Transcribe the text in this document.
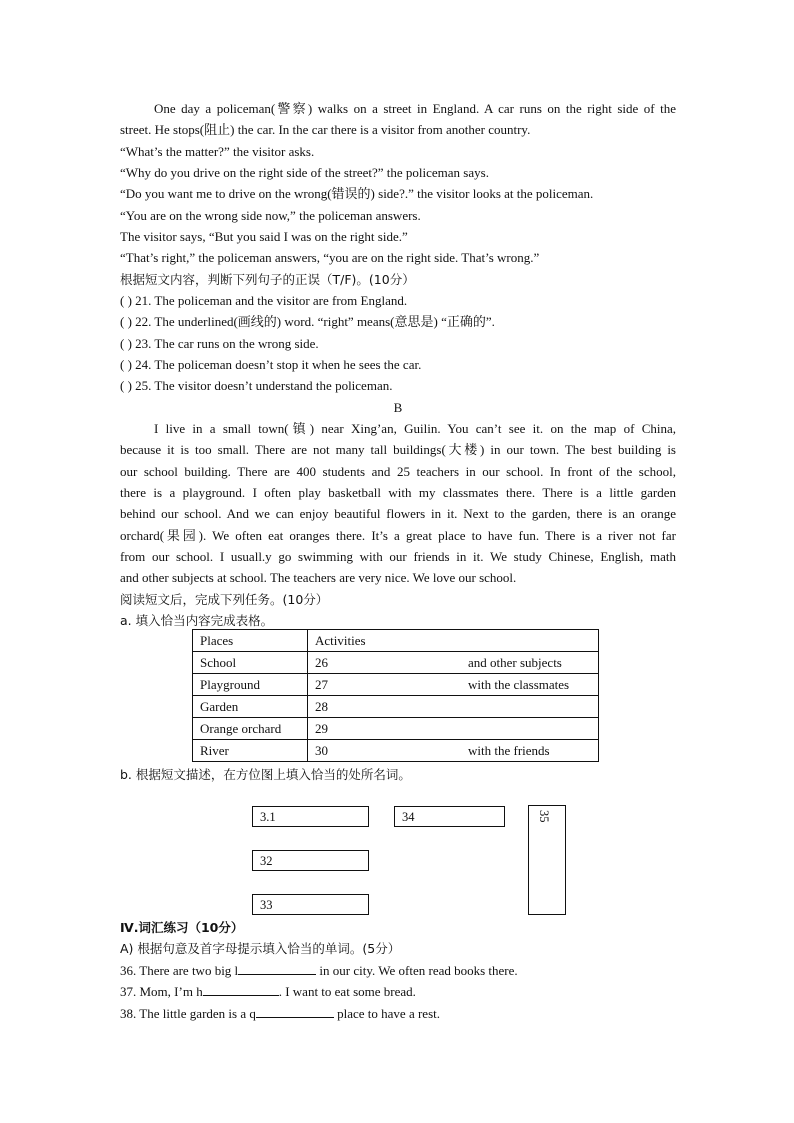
One day a policeman(警察) walks on a street in England. A car runs on the right side of the
street. He stops(阻止) the car. In the car there is a visitor from another country.
“What’s the matter?” the visitor asks.
“Why do you drive on the right side of the street?” the policeman says.
“Do you want me to drive on the wrong(错误的) side?.” the visitor looks at the policeman.
“You are on the wrong side now,” the policeman answers.
The visitor says, “But you said I was on the right side.”
“That’s right,” the policeman answers, “you are on the right side. That’s wrong.”
根据短文内容，判断下列句子的正误（T/F)。(10分）
( ) 21. The policeman and the visitor are from England.
( ) 22. The underlined(画线的) word. “right” means(意思是) “正确的”.
( ) 23. The car runs on the wrong side.
( ) 24. The policeman doesn’t stop it when he sees the car.
( ) 25. The visitor doesn’t understand the policeman.
B
I live in a small town(镇) near Xing’an, Guilin. You can’t see it. on the map of China,
because it is too small. There are not many tall buildings(大楼) in our town. The best building is
our school building. There are 400 students and 25 teachers in our school. In front of the school,
there is a playground. I often play basketball with my classmates there. There is a little garden
behind our school. And we can enjoy beautiful flowers in it. Next to the garden, there is an orange
orchard(果园). We often eat oranges there. It’s a great place to have fun. There is a river not far
from our school. I usuall.y go swimming with our friends in it. We study Chinese, English, math
and other subjects at school. The teachers are very nice. We love our school.
阅读短文后，完成下列任务。(10分）
a. 填入恰当内容完成表格。
Places	Activities
School	26 and other subjects

Playground	27 with the classmates

Garden	28

Orange orchard	29

River	30 with the friends
b. 根据短文描述，在方位图上填入恰当的处所名词。
3.1	34
32
33
35
Ⅳ.词汇练习（10分）
A) 根据句意及首字母提示填入恰当的单词。(5分）
36. There are two big l	in our city. We often read books there.
37. Mom, I’m h	. I want to eat some bread.
38. The little garden is a q	place to have a rest.
